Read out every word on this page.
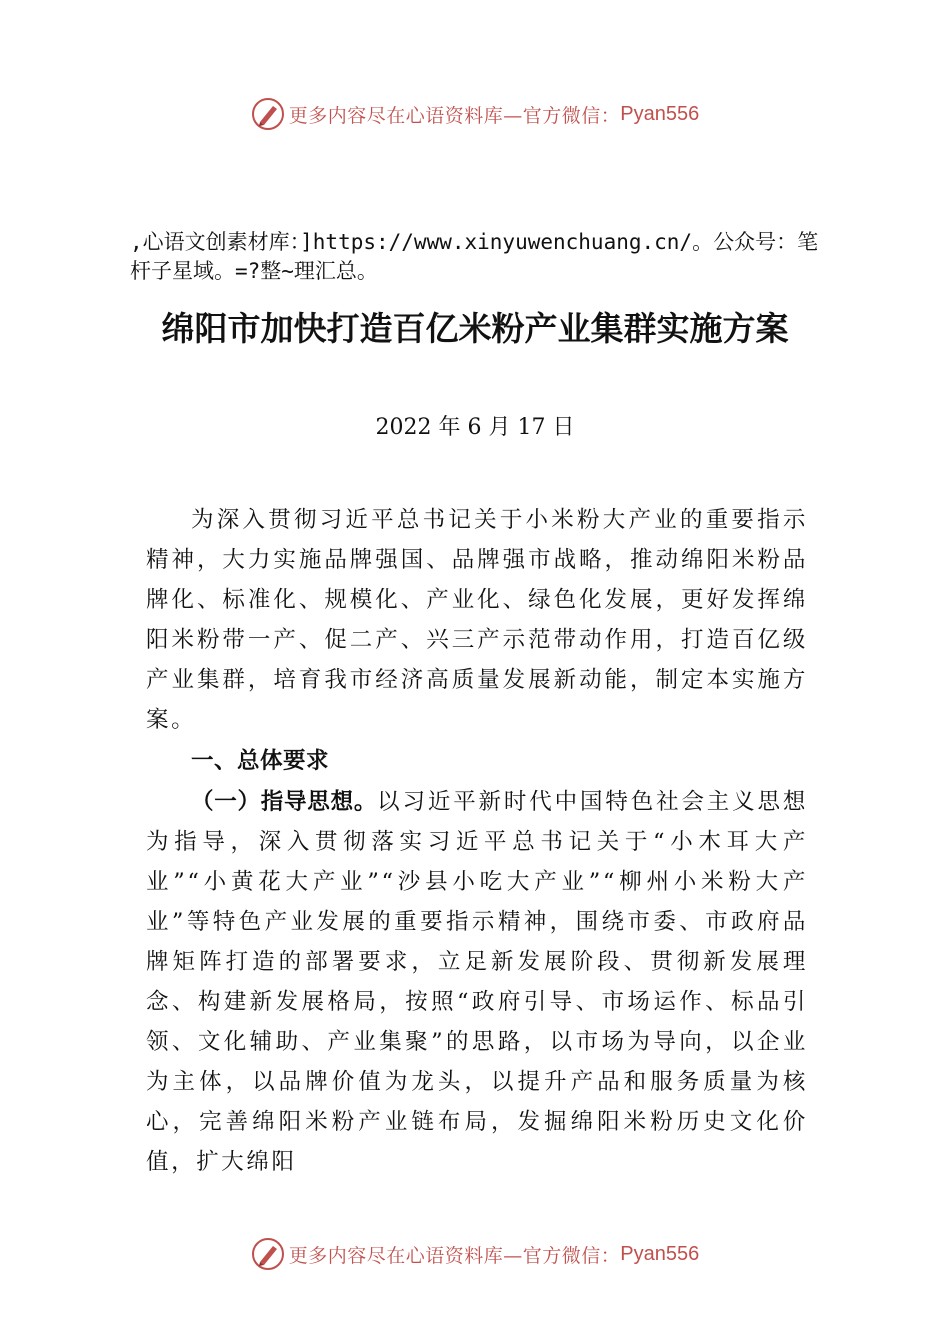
更多内容尽在心语资料库—官方微信： Pyan556

,心语文创素材库：]https://www.xinyuwenchuang.cn/。公众号：笔杆子星域。=?整~理汇总。

绵阳市加快打造百亿米粉产业集群实施方案
2022 年 6 月 17 日

为深入贯彻习近平总书记关于小米粉大产业的重要指示精神，大力实施品牌强国、品牌强市战略，推动绵阳米粉品牌化、标准化、规模化、产业化、绿色化发展，更好发挥绵阳米粉带一产、促二产、兴三产示范带动作用，打造百亿级产业集群，培育我市经济高质量发展新动能，制定本实施方案。

一、总体要求

（一）指导思想。以习近平新时代中国特色社会主义思想为指导，深入贯彻落实习近平总书记关于“小木耳大产业”“小黄花大产业”“沙县小吃大产业”“柳州小米粉大产业”等特色产业发展的重要指示精神，围绕市委、市政府品牌矩阵打造的部署要求，立足新发展阶段、贯彻新发展理念、构建新发展格局，按照“政府引导、市场运作、标品引领、文化辅助、产业集聚”的思路，以市场为导向，以企业为主体，以品牌价值为龙头，以提升产品和服务质量为核心，完善绵阳米粉产业链布局，发掘绵阳米粉历史文化价值，扩大绵阳

更多内容尽在心语资料库—官方微信： Pyan556
